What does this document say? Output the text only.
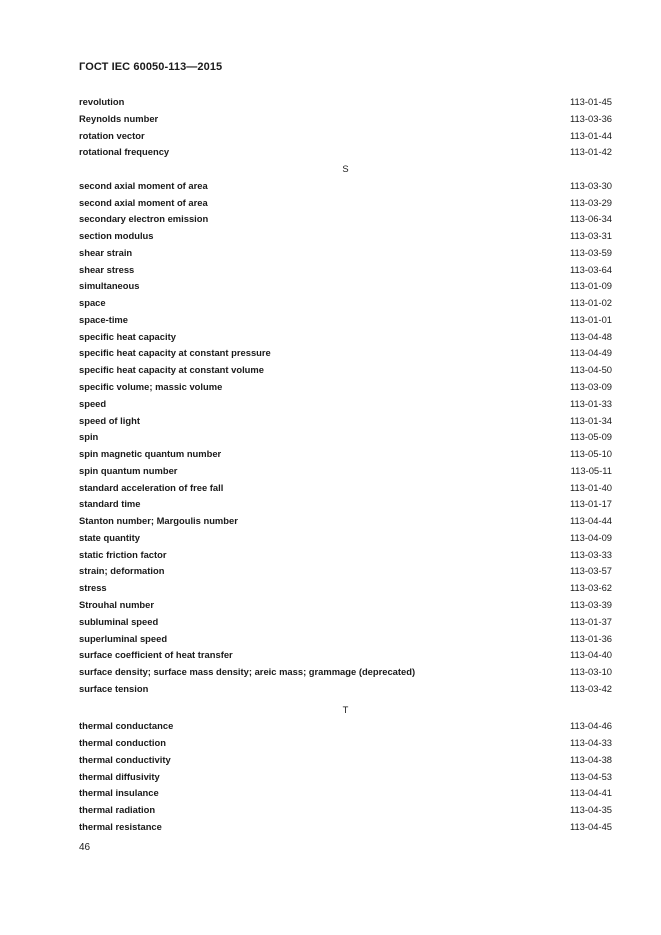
ГОСТ IEC 60050-113—2015
revolution	113-01-45
Reynolds number	113-03-36
rotation vector	113-01-44
rotational frequency	113-01-42
S
second axial moment of area	113-03-30
second axial moment of area	113-03-29
secondary electron emission	113-06-34
section modulus	113-03-31
shear strain	113-03-59
shear stress	113-03-64
simultaneous	113-01-09
space	113-01-02
space-time	113-01-01
specific heat capacity	113-04-48
specific heat capacity at constant pressure	113-04-49
specific heat capacity at constant volume	113-04-50
specific volume; massic volume	113-03-09
speed	113-01-33
speed of light	113-01-34
spin	113-05-09
spin magnetic quantum number	113-05-10
spin quantum number	113-05-11
standard acceleration of free fall	113-01-40
standard time	113-01-17
Stanton number; Margoulis number	113-04-44
state quantity	113-04-09
static friction factor	113-03-33
strain; deformation	113-03-57
stress	113-03-62
Strouhal number	113-03-39
subluminal speed	113-01-37
superluminal speed	113-01-36
surface coefficient of heat transfer	113-04-40
surface density; surface mass density; areic mass; grammage (deprecated)	113-03-10
surface tension	113-03-42
T
thermal conductance	113-04-46
thermal conduction	113-04-33
thermal conductivity	113-04-38
thermal diffusivity	113-04-53
thermal insulance	113-04-41
thermal radiation	113-04-35
thermal resistance	113-04-45
46
